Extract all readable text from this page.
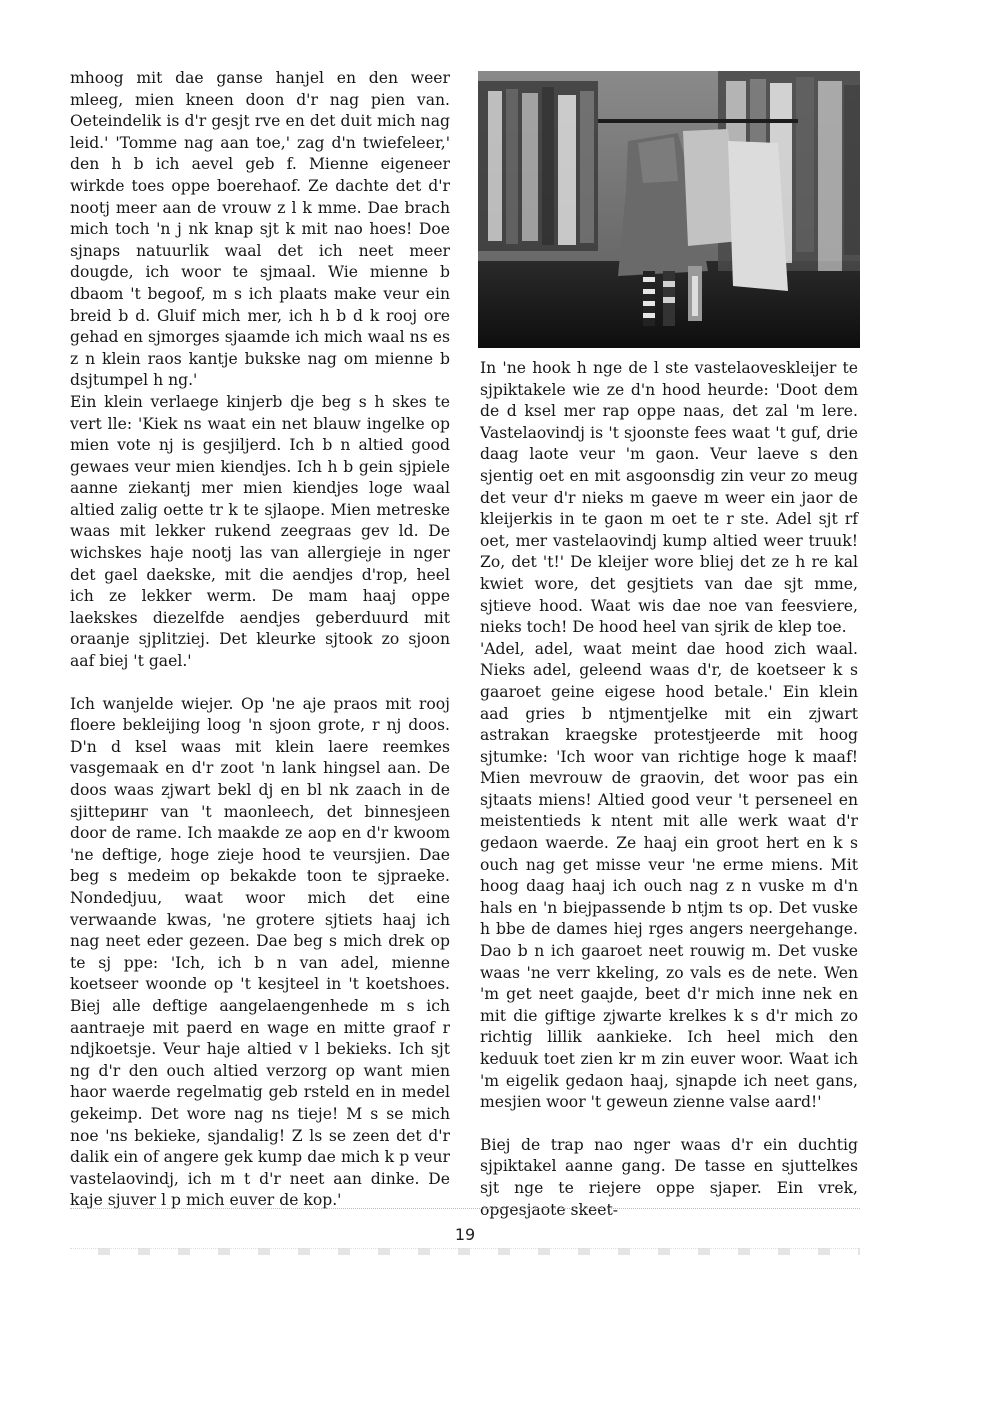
mhoog mit dae ganse hanjel en den weer mleeg, mien kneen doon d'r nag pien van. Oeteindelik is d'r gesjt rve en det duit mich nag leid.' 'Tomme nag aan toe,' zag d'n twiefeleer,' den h b ich aevel geb f. Mienne eigeneer wirkde toes oppe boerehaof. Ze dachte det d'r nootj meer aan de vrouw z l k mme. Dae brach mich toch 'n j nk knap sjt k mit nao hoes! Doe sjnaps natuurlik waal det ich neet meer dougde, ich woor te sjmaal. Wie mienne b dbaom 't begoof, m s ich plaats make veur ein breid b d. Gluif mich mer, ich h b d k rooj ore gehad en sjmorges sjaamde ich mich waal ns es z n klein raos kantje bukske nag om mienne b dsjtumpel h ng.'

Ein klein verlaege kinjerb dje beg s h skes te vert lle: 'Kiek ns waat ein net blauw ingelke op mien vote nj is gesjiljerd. Ich b n altied good gewaes veur mien kiendjes. Ich h b gein sjpiele aanne ziekantj mer mien kiendjes loge waal altied zalig oette tr k te sjlaope. Mien metreske waas mit lekker rukend zeegraas gev ld. De wichskes haje nootj las van allergieje in nger det gael daekske, mit die aendjes d'rop, heel ich ze lekker werm. De mam haaj oppe laekskes diezelfde aendjes geberduurd mit oraanje sjplitziej. Det kleurke sjtook zo sjoon aaf biej 't gael.'

Ich wanjelde wiejer. Op 'ne aje praos mit rooj floere bekleijing loog 'n sjoon grote, r nj doos. D'n d ksel waas mit klein laere reemkes vasgemaak en d'r zoot 'n lank hingsel aan. De doos waas zjwart bekl dj en bl nk zaach in de sjitteринг van 't maonleech, det binnesjeen door de rame. Ich maakde ze aop en d'r kwoom 'ne deftige, hoge zieje hood te veursjien. Dae beg s medeim op bekakde toon te sjpraeke. Nondedjuu, waat woor mich det eine verwaande kwas, 'ne grotere sjtiets haaj ich nag neet eder gezeen. Dae beg s mich drek op te sj ppe: 'Ich, ich b n van adel, mienne koetseer woonde op 't kesjteel in 't koetshoes. Biej alle deftige aangelaengenhede m s ich aantraeje mit paerd en wage en mitte graof r ndjkoetsje. Veur haje altied v l bekieks. Ich sjt ng d'r den ouch altied verzorg op want mien haor waerde regelmatig geb rsteld en in medel gekeimp. Det wore nag ns tieje! M s se mich noe 'ns bekieke, sjandalig! Z ls se zeen det d'r dalik ein of angere gek kump dae mich k p veur vastelaovindj, ich m t d'r neet aan dinke. De kaje sjuver l p mich euver de kop.'

In 'ne hook h nge de l ste vastelaoveskleijer te sjpiktakele wie ze d'n hood heurde: 'Doot dem de d ksel mer rap oppe naas, det zal 'm lere. Vastelaovindj is 't sjoonste fees waat 't guf, drie daag laote veur 'm gaon. Veur laeve s den sjentig oet en mit asgoonsdig zin veur zo meug det veur d'r nieks m gaeve m weer ein jaor de kleijerkis in te gaon m oet te r ste. Adel sjt rf oet, mer vastelaovindj kump altied weer truuk! Zo, det 't!' De kleijer wore bliej det ze h re kal kwiet wore, det gesjtiets van dae sjt mme, sjtieve hood. Waat wis dae noe van feesviere, nieks toch! De hood heel van sjrik de klep toe.

'Adel, adel, waat meint dae hood zich waal. Nieks adel, geleend waas d'r, de koetseer k s gaaroet geine eigese hood betale.' Ein klein aad gries b ntjmentjelke mit ein zjwart astrakan kraegske protestjeerde mit hoog sjtumke: 'Ich woor van richtige hoge k maaf! Mien mevrouw de graovin, det woor pas ein sjtaats miens! Altied good veur 't perseneel en meistentieds k ntent mit alle werk waat d'r gedaon waerde. Ze haaj ein groot hert en k s ouch nag get misse veur 'ne erme miens. Mit hoog daag haaj ich ouch nag z n vuske m d'n hals en 'n biejpassende b ntjm ts op. Det vuske h bbe de dames hiej rges angers neergehange. Dao b n ich gaaroet neet rouwig m. Det vuske waas 'ne verr kkeling, zo vals es de nete. Wen 'm get neet gaajde, beet d'r mich inne nek en mit die giftige zjwarte krelkes k s d'r mich zo richtig lillik aankieke. Ich heel mich den keduuk toet zien kr m zin euver woor. Waat ich 'm eigelik gedaon haaj, sjnapde ich neet gans, mesjien woor 't geweun zienne valse aard!'

Biej de trap nao nger waas d'r ein duchtig sjpiktakel aanne gang. De tasse en sjuttelkes sjt nge te riejere oppe sjaper. Ein vrek, opgesjaote skeet-

19
